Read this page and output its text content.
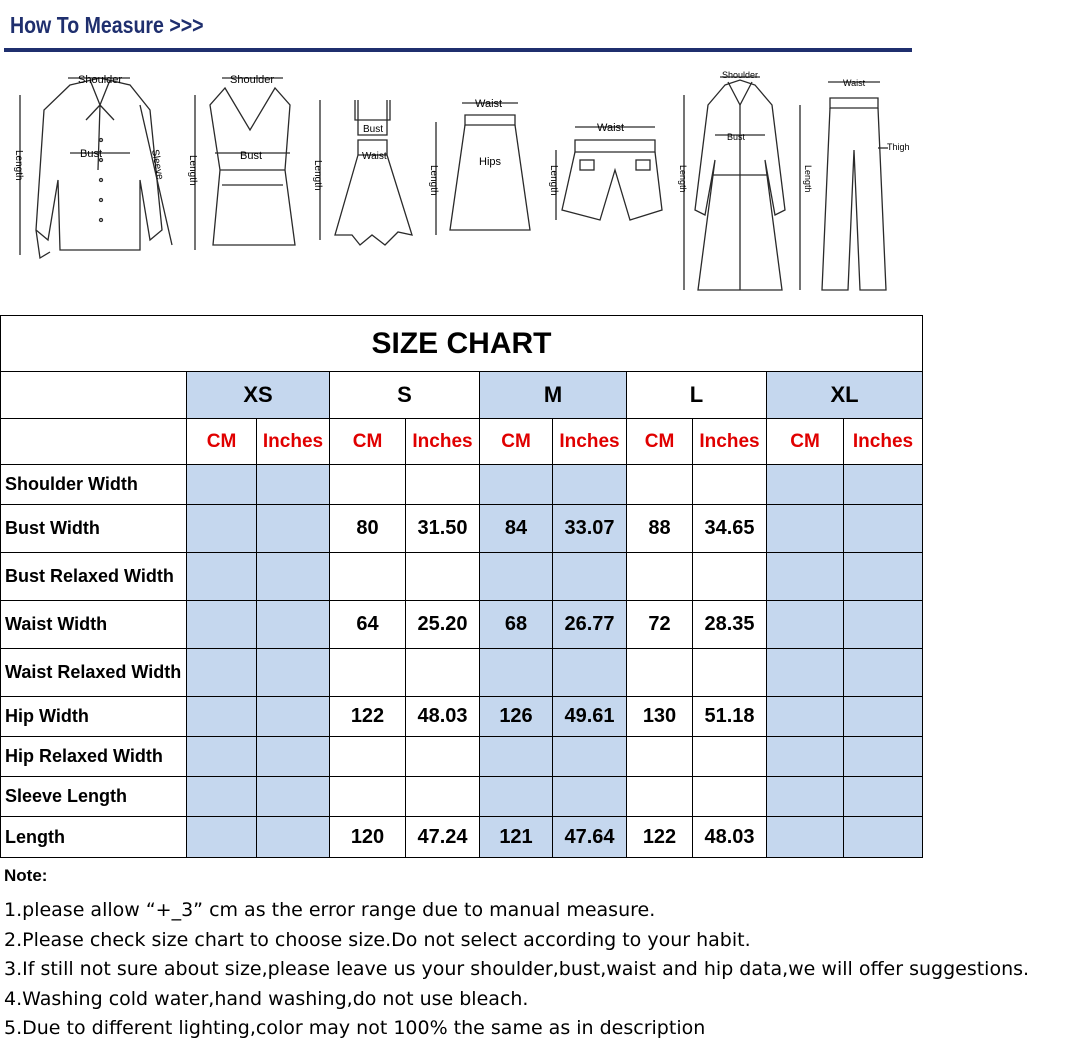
How To Measure >>>
Shoulder
Bust	Sleeve
Length
Shoulder
Bust
Length
Bust
Waist
Length
Waist
Hips
Length
Waist
Length
Shoulder
Bust
Length
Waist
Thigh
Length
SIZE CHART										
	XS		S		M		L		XL	
	CM	Inches	CM	Inches	CM	Inches	CM	Inches	CM	Inches
Shoulder Width										
Bust Width			80	31.50	84	33.07	88	34.65		
Bust Relaxed Width										
Waist Width			64	25.20	68	26.77	72	28.35		
Waist Relaxed Width										
Hip Width			122	48.03	126	49.61	130	51.18		
Hip Relaxed Width										
Sleeve Length										
Length			120	47.24	121	47.64	122	48.03		
Note:
1.please allow “+_3” cm as the error range due to manual measure.
2.Please check size chart to choose size.Do not select according to your habit.
3.If still not sure about size,please leave us your shoulder,bust,waist and hip data,we will offer suggestions.
4.Washing cold water,hand washing,do not use bleach.
5.Due to different lighting,color may not 100% the same as in description
